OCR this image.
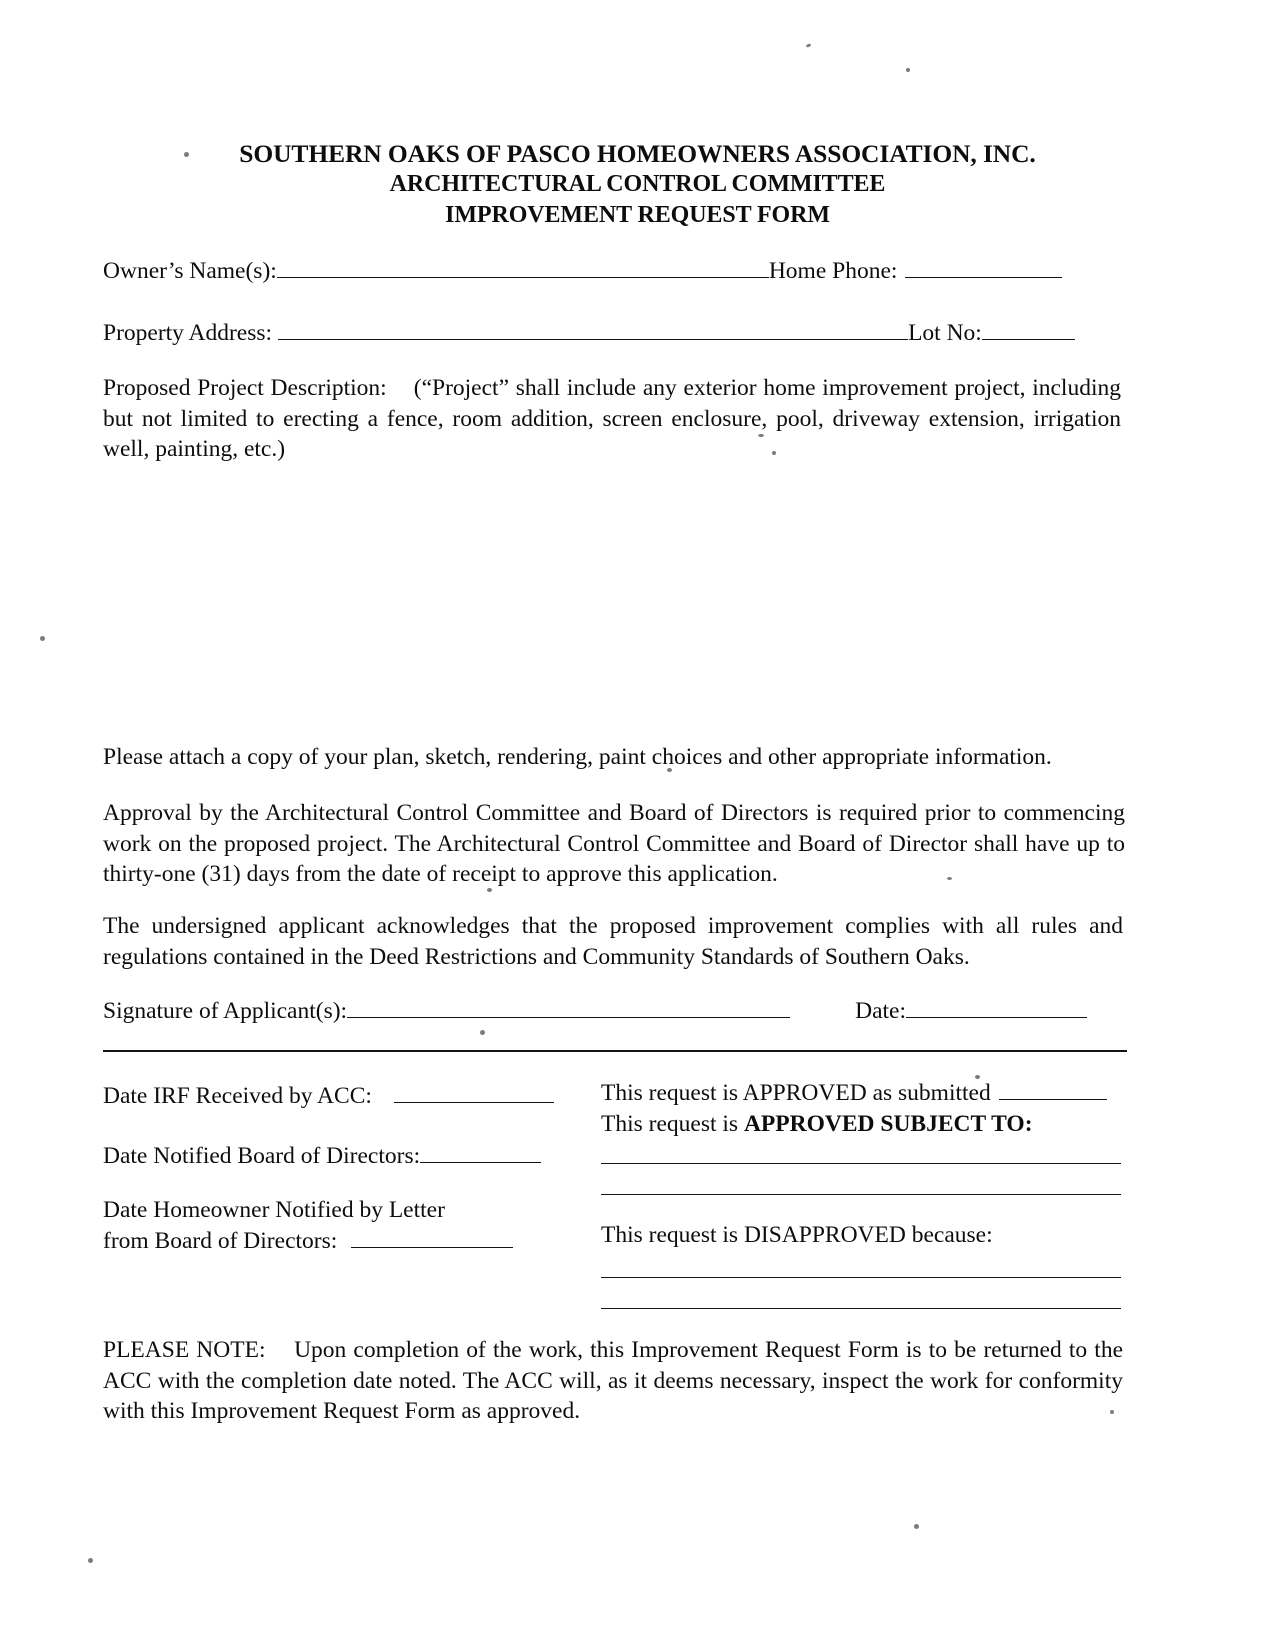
SOUTHERN OAKS OF PASCO HOMEOWNERS ASSOCIATION, INC.
ARCHITECTURAL CONTROL COMMITTEE
IMPROVEMENT REQUEST FORM
Owner’s Name(s):	Home Phone:
Property Address:	Lot No:
Proposed Project Description: (“Project” shall include any exterior home improvement project, including but not limited to erecting a fence, room addition, screen enclosure, pool, driveway extension, irrigation well, painting, etc.)
Please attach a copy of your plan, sketch, rendering, paint choices and other appropriate information.
Approval by the Architectural Control Committee and Board of Directors is required prior to commencing work on the proposed project. The Architectural Control Committee and Board of Director shall have up to thirty-one (31) days from the date of receipt to approve this application.
The undersigned applicant acknowledges that the proposed improvement complies with all rules and regulations contained in the Deed Restrictions and Community Standards of Southern Oaks.
Signature of Applicant(s):	Date:
Date IRF Received by ACC:
Date Notified Board of Directors:
Date Homeowner Notified by Letter
from Board of Directors:
This request is APPROVED as submitted
This request is APPROVED SUBJECT TO:
This request is DISAPPROVED because:
PLEASE NOTE: Upon completion of the work, this Improvement Request Form is to be returned to the ACC with the completion date noted. The ACC will, as it deems necessary, inspect the work for conformity with this Improvement Request Form as approved.
